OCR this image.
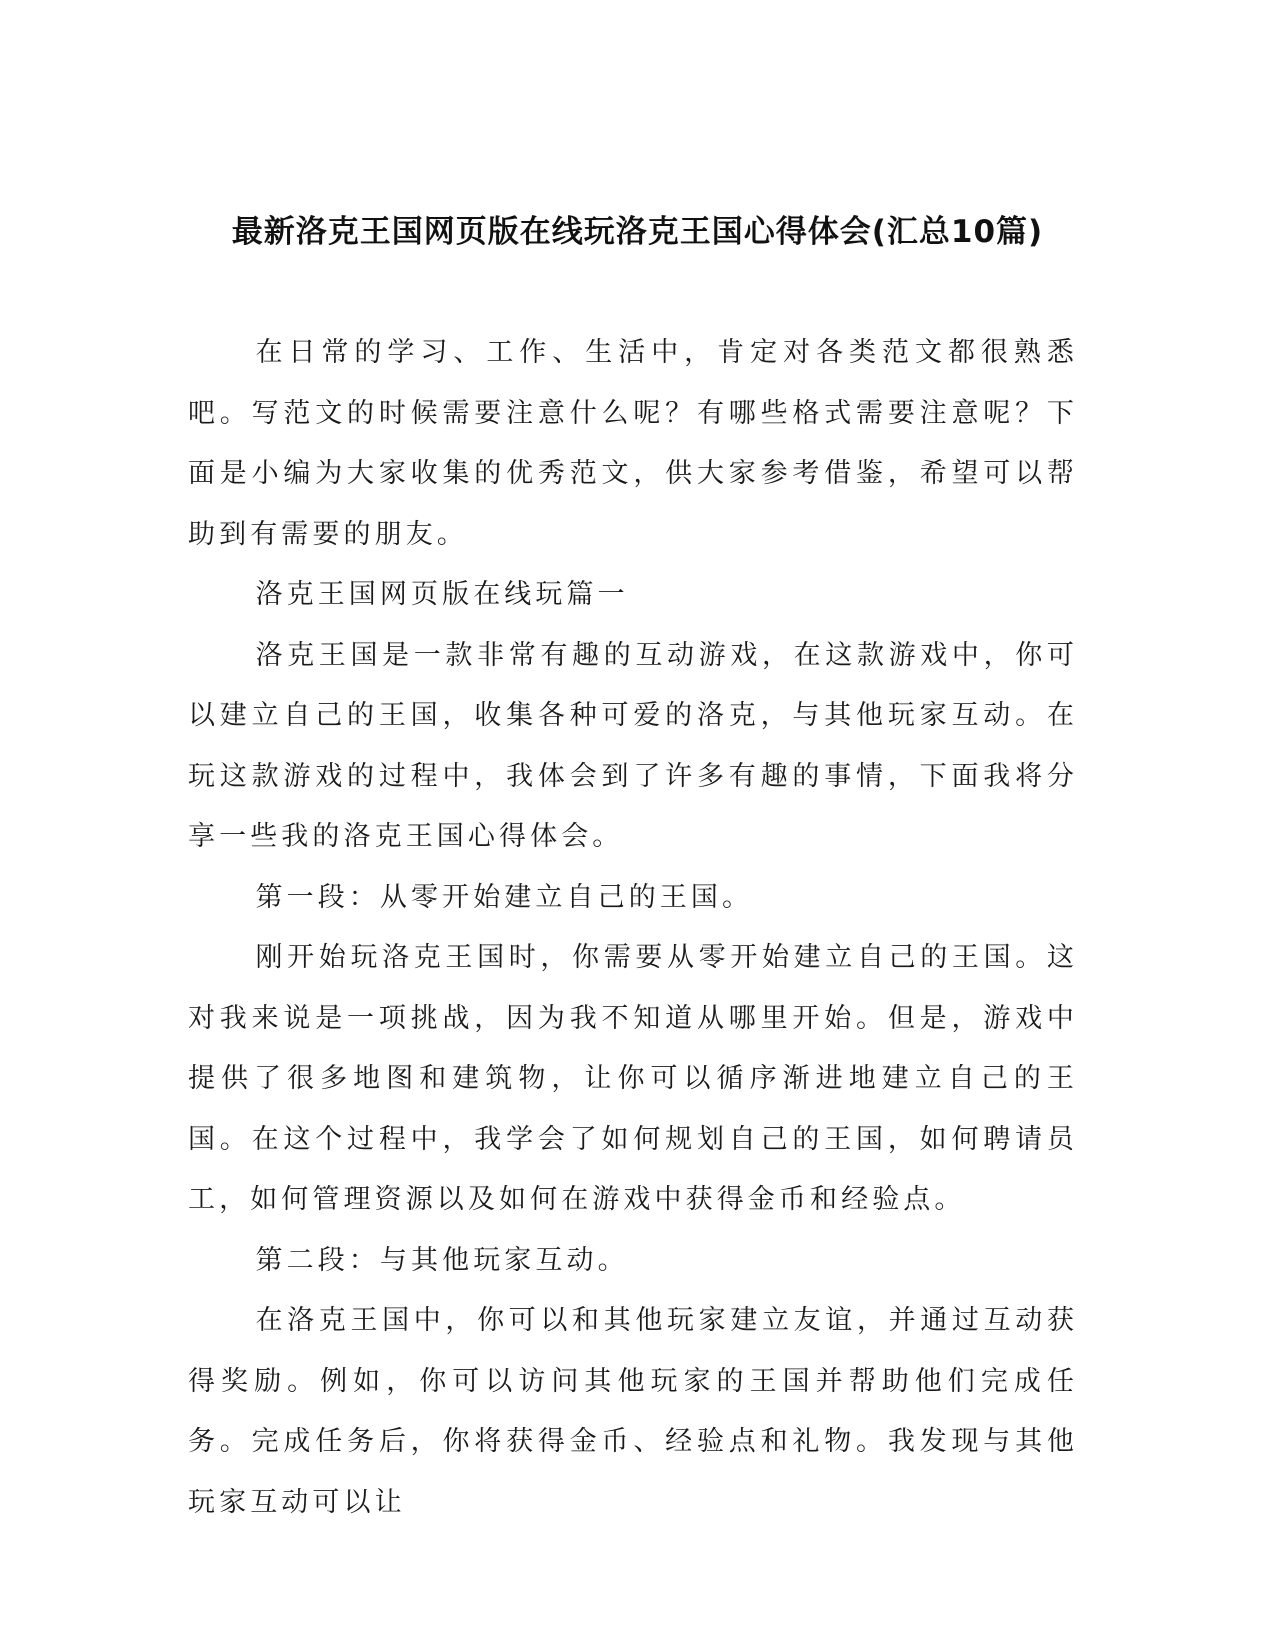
最新洛克王国网页版在线玩洛克王国心得体会(汇总10篇)

在日常的学习、工作、生活中，肯定对各类范文都很熟悉吧。写范文的时候需要注意什么呢？有哪些格式需要注意呢？下面是小编为大家收集的优秀范文，供大家参考借鉴，希望可以帮助到有需要的朋友。

洛克王国网页版在线玩篇一

洛克王国是一款非常有趣的互动游戏，在这款游戏中，你可以建立自己的王国，收集各种可爱的洛克，与其他玩家互动。在玩这款游戏的过程中，我体会到了许多有趣的事情，下面我将分享一些我的洛克王国心得体会。

第一段：从零开始建立自己的王国。

刚开始玩洛克王国时，你需要从零开始建立自己的王国。这对我来说是一项挑战，因为我不知道从哪里开始。但是，游戏中提供了很多地图和建筑物，让你可以循序渐进地建立自己的王国。在这个过程中，我学会了如何规划自己的王国，如何聘请员工，如何管理资源以及如何在游戏中获得金币和经验点。

第二段：与其他玩家互动。

在洛克王国中，你可以和其他玩家建立友谊，并通过互动获得奖励。例如，你可以访问其他玩家的王国并帮助他们完成任务。完成任务后，你将获得金币、经验点和礼物。我发现与其他玩家互动可以让
